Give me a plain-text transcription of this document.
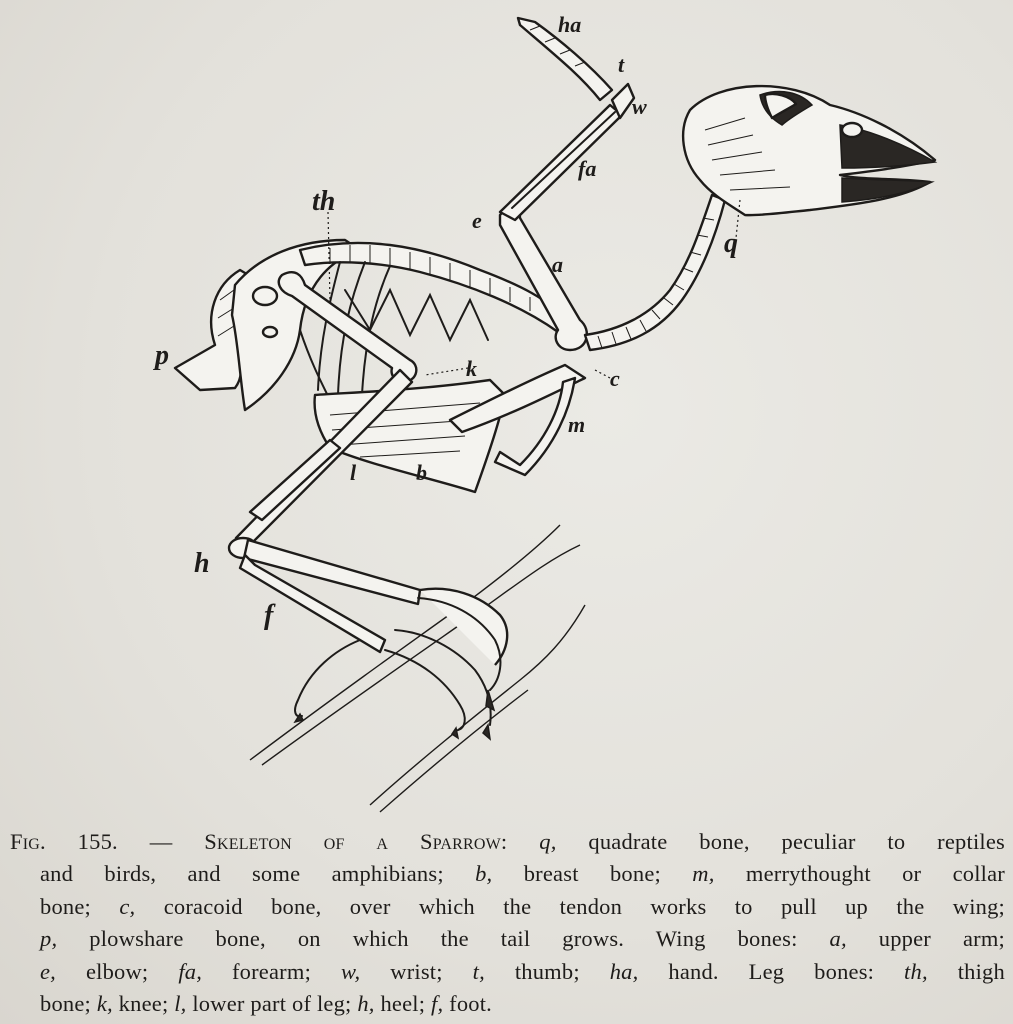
ha
t
w
fa
q
th
e
a
p	k	c
m
l	b
h
f
Fig. 155. — Skeleton of a Sparrow: q, quadrate bone, peculiar to reptiles
and birds, and some amphibians; b, breast bone; m, merrythought or collar
bone; c, coracoid bone, over which the tendon works to pull up the wing;
p, plowshare bone, on which the tail grows. Wing bones: a, upper arm;
e, elbow; fa, forearm; w, wrist; t, thumb; ha, hand. Leg bones: th, thigh
bone; k, knee; l, lower part of leg; h, heel; f, foot.
